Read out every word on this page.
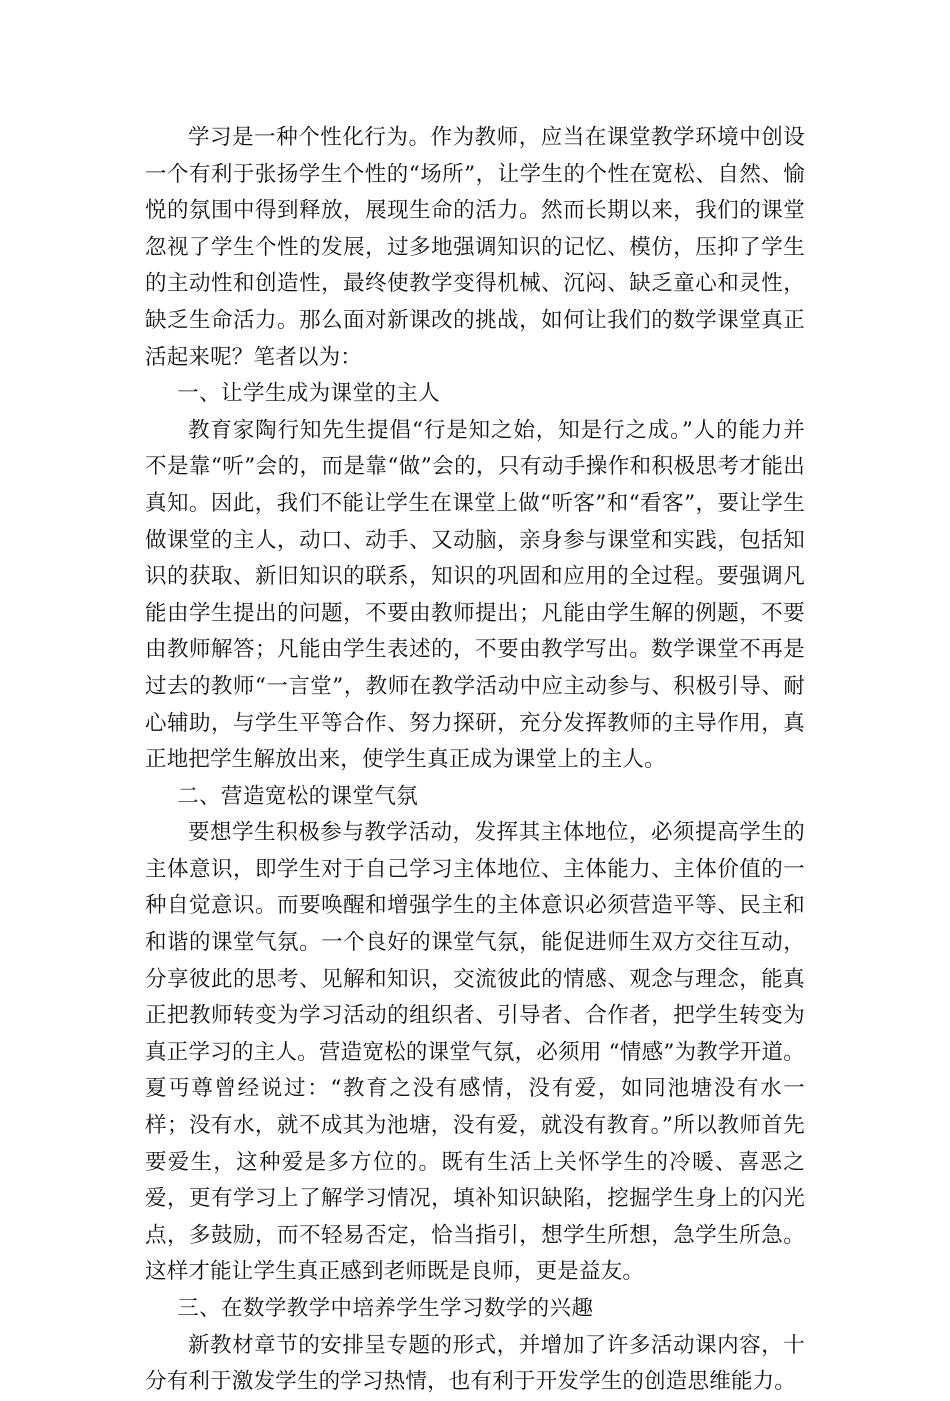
学习是一种个性化行为。作为教师，应当在课堂教学环境中创设一个有利于张扬学生个性的“场所”，让学生的个性在宽松、自然、愉悦的氛围中得到释放，展现生命的活力。然而长期以来，我们的课堂忽视了学生个性的发展，过多地强调知识的记忆、模仿，压抑了学生的主动性和创造性，最终使教学变得机械、沉闷、缺乏童心和灵性，缺乏生命活力。那么面对新课改的挑战，如何让我们的数学课堂真正活起来呢？笔者以为：

一、让学生成为课堂的主人

教育家陶行知先生提倡“行是知之始，知是行之成。”人的能力并不是靠“听”会的，而是靠“做”会的，只有动手操作和积极思考才能出真知。因此，我们不能让学生在课堂上做“听客”和“看客”，要让学生做课堂的主人，动口、动手、又动脑，亲身参与课堂和实践，包括知识的获取、新旧知识的联系，知识的巩固和应用的全过程。要强调凡能由学生提出的问题，不要由教师提出；凡能由学生解的例题，不要由教师解答；凡能由学生表述的，不要由教学写出。数学课堂不再是过去的教师“一言堂”，教师在教学活动中应主动参与、积极引导、耐心辅助，与学生平等合作、努力探研，充分发挥教师的主导作用，真正地把学生解放出来，使学生真正成为课堂上的主人。

二、营造宽松的课堂气氛

要想学生积极参与教学活动，发挥其主体地位，必须提高学生的主体意识，即学生对于自己学习主体地位、主体能力、主体价值的一种自觉意识。而要唤醒和增强学生的主体意识必须营造平等、民主和和谐的课堂气氛。一个良好的课堂气氛，能促进师生双方交往互动，分享彼此的思考、见解和知识，交流彼此的情感、观念与理念，能真正把教师转变为学习活动的组织者、引导者、合作者，把学生转变为真正学习的主人。营造宽松的课堂气氛，必须用 “情感”为教学开道。夏丏尊曾经说过：“教育之没有感情，没有爱，如同池塘没有水一样；没有水，就不成其为池塘，没有爱，就没有教育。”所以教师首先要爱生，这种爱是多方位的。既有生活上关怀学生的冷暖、喜恶之爱，更有学习上了解学习情况，填补知识缺陷，挖掘学生身上的闪光点，多鼓励，而不轻易否定，恰当指引，想学生所想，急学生所急。这样才能让学生真正感到老师既是良师，更是益友。

三、在数学教学中培养学生学习数学的兴趣

新教材章节的安排呈专题的形式，并增加了许多活动课内容，十分有利于激发学生的学习热情，也有利于开发学生的创造思维能力。
